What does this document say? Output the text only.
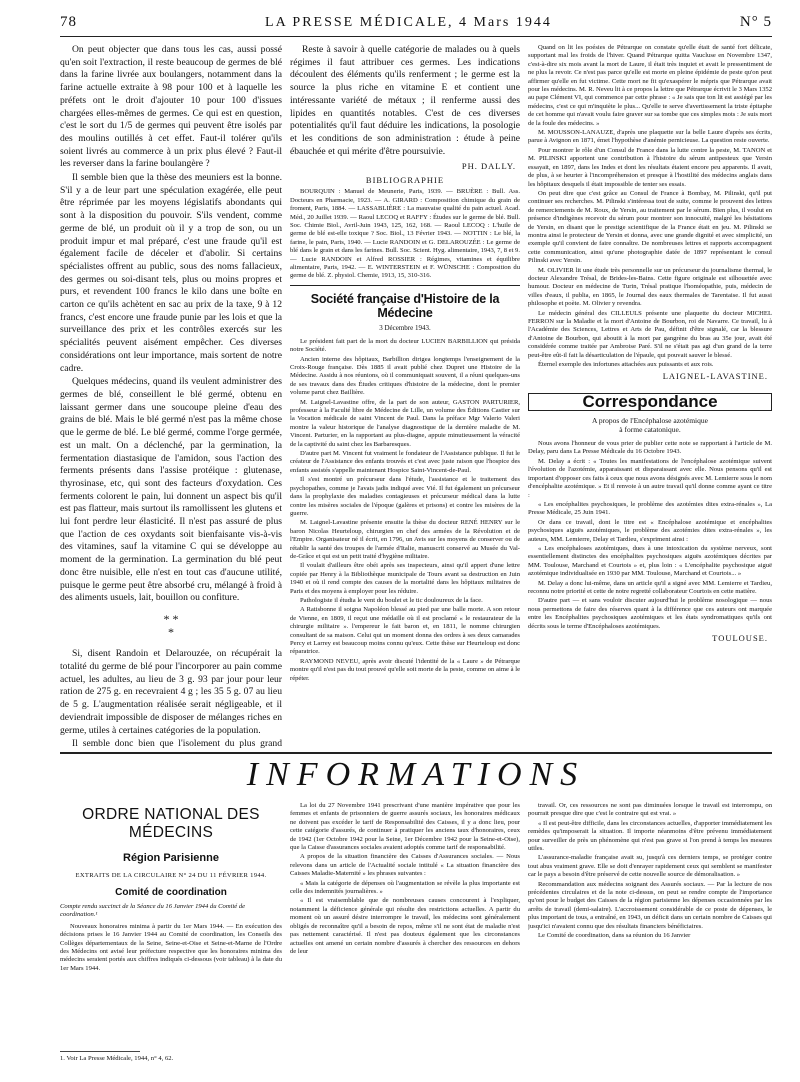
78	LA PRESSE MÉDICALE, 4 Mars 1944	N° 5

On peut objecter que dans tous les cas, aussi possé qu'en soit l'extraction, il reste beaucoup de germes de blé dans la farine livrée aux boulangers, notamment dans la farine actuelle extraite à 98 pour 100 et à laquelle les préfets ont le droit d'ajouter 10 pour 100 d'issues chargées elles-mêmes de germes. Ce qui est en question, c'est le sort du 1/5 de germes qui peuvent être isolés par des moulins outillés à cet effet. Faut-il tolérer qu'ils soient livrés au commerce à un prix plus élevé ? Faut-il les reverser dans la farine boulangère ?

Il semble bien que la thèse des meuniers est la bonne. S'il y a de leur part une spéculation exagérée, elle peut être réprimée par les moyens législatifs abondants qui sont à la disposition du pouvoir. S'ils vendent, comme germe de blé, un produit où il y a trop de son, ou un produit impur et mal préparé, c'est une fraude qu'il est également facile de déceler et d'abolir. Si certains spécialistes offrent au public, sous des noms fallacieux, des germes ou soi-disant tels, plus ou moins propres et purs, et revendent 100 francs le kilo dans une boîte en carton ce qu'ils achètent en sac au prix de la taxe, 9 à 12 francs, c'est encore une fraude punie par les lois et que la surveillance des prix et les contrôles exercés sur les spécialités peuvent aisément empêcher. Ces diverses considérations ont leur importance, mais sortent de notre cadre.

Quelques médecins, quand ils veulent administrer des germes de blé, conseillent le blé germé, obtenu en laissant germer dans une soucoupe pleine d'eau des grains de blé. Mais le blé germé n'est pas la même chose que le germe de blé. Le blé germé, comme l'orge germée, est un malt. On a déclenché, par la germination, la fermentation diastasique de l'amidon, sous l'action des ferments présents dans l'assise protéique : glutenase, thyrosinase, etc, qui sont des facteurs d'oxydation. Ces ferments colorent le pain, lui donnent un aspect bis qu'il est pas flatteur, mais surtout ils ramollissent les glutens et lui font perdre leur élasticité. Il n'est pas assuré de plus que l'action de ces oxydants soit bienfaisante vis-à-vis des vitamines, sauf la vitamine C qui se développe au moment de la germination. La germination du blé peut donc être nuisible, elle n'est en tout cas d'aucune utilité, puisque le germe peut être absorbé cru, mélangé à froid à des aliments usuels, lait, bouillon ou confiture.

* *
*

Si, disent Randoin et Delarouzée, on récupérait la totalité du germe de blé pour l'incorporer au pain comme actuel, les adultes, au lieu de 3 g. 93 par jour pour leur ration de 275 g. en recevraient 4 g ; les 35 5 g. 07 au lieu de 5 g. L'augmentation réalisée serait négligeable, et il deviendrait impossible de disposer de mélanges riches en germe, utiles à certaines catégories de la population.

Il semble donc bien que l'isolement du plus grand

Reste à savoir à quelle catégorie de malades ou à quels régimes il faut attribuer ces germes. Les indications découlent des éléments qu'ils renferment ; le germe est la source la plus riche en vitamine E et contient une intéressante variété de métaux ; il renferme aussi des lipides en quantités notables. C'est de ces diverses potentialités qu'il faut déduire les indications, la posologie et les conditions de son administration : étude à peine ébauchée et qui mérite d'être poursuivie.

PH. DALLY.
BIBLIOGRAPHIE

BOURQUIN : Manuel de Meunerie, Paris, 1939. — BRUÈRE : Bull. Ass. Docteurs en Pharmacie, 1923. — A. GIRARD : Composition chimique du grain de froment, Paris, 1884. — LASSABLIÈRE : La mauvaise qualité du pain actuel. Acad. Méd., 20 Juillet 1939. — Raoul LECOQ et RAFFY : Études sur le germe de blé. Bull. Soc. Chimie Biol., Avril-Juin 1943, 125, 162, 168. — Raoul LECOQ : L'huile de germe de blé est-elle toxique ? Soc. Biol., 13 Février 1943. — NOTTIN : Le blé, la farine, le pain, Paris, 1940. — Lucie RANDOIN et G. DELAROUZÉE : Le germe de blé dans le grain et dans les farines. Bull. Soc. Scient. Hyg. alimentaire, 1943, 7, 8 et 9. — Lucie RANDOIN et Alfred ROSSIER : Régimes, vitamines et équilibre alimentaire, Paris, 1942. — E. WINTERSTEIN et F. WÜNSCHE : Composition du germe de blé. Z. physiol. Chemie, 1913, 15, 310-316.

Société française d'Histoire de la Médecine
3 Décembre 1943.

Le président fait part de la mort du docteur LUCIEN BARBILLION qui présida notre Société.

Ancien interne des hôpitaux, Barbillion dirigea longtemps l'enseignement de la Croix-Rouge française. Dès 1885 il avait publié chez Dupret une Histoire de la Médecine. Assidu à nos réunions, où il communiquait souvent, il a réuni quelques-uns de ses travaux dans des Études critiques d'histoire de la médecine, dont le premier volume parut chez Baillière.

M. Laignel-Lavastine offre, de la part de son auteur, GASTON PARTURIER, professeur à la Faculté libre de Médecine de Lille, un volume des Éditions Castier sur la Vocation médicale de saint Vincent de Paul. Dans la préface Mgr Valerio Valeri montre la valeur historique de l'analyse diagnostique de la dernière maladie de M. Vincent. Parturier, en la rapportant au plus-diagne, appuie minutieusement la véracité de la captivité du saint chez les Barbaresques.

D'autre part M. Vincent fut vraiment le fondateur de l'Assistance publique. Il fut le créateur de l'Assistance des enfants trouvés et c'est avec juste raison que l'hospice des enfants assistés s'appelle maintenant Hospice Saint-Vincent-de-Paul.

Il s'est montré un précurseur dans l'étude, l'assistance et le traitement des psychopathes, comme je l'avais jadis indiqué avec Vié. Il fut également un précurseur dans la prophylaxie des maladies contagieuses et précurseur médical dans la lutte contre les misères sociales de l'époque (galères et prisons) et contre les misères de la guerre.

M. Laignel-Lavastine présente ensuite la thèse du docteur RENÉ HENRY sur le baron Nicolas Heurteloup, chirurgien en chef des armées de la Révolution et de l'Empire. Organisateur né il écrit, en 1796, un Avis sur les moyens de conserver ou de rétablir la santé des troupes de l'armée d'Italie, manuscrit conservé au Musée du Val-de-Grâce et qui est un petit traité d'hygiène militaire.

Il voulait d'ailleurs être obéi après ses inspecteurs, ainsi qu'il appert d'une lettre copiée par Henry à la Bibliothèque municipale de Tours avant sa destruction en Juin 1940 et où il rend compte des causes de la mortalité dans les hôpitaux militaires de Paris et des moyens à employer pour les réduire.

Pathologiste il étudia le vent du boulet et le tic douloureux de la face.

A Ratisbonne il soigna Napoléon blessé au pied par une balle morte. A son retour de Vienne, en 1809, il reçut une médaille où il est proclamé « le restaurateur de la chirurgie militaire ». l'empereur le fait baron et, en 1811, le nomme chirurgien consultant de sa maison. Celui qui un moment donna des ordres à ses deux camarades Percy et Larrey est beaucoup moins connu qu'eux. Cette thèse sur Heurteloup est donc réparatrice.

RAYMOND NEVEU, après avoir discuté l'identité de la « Laure » de Pétrarque montre qu'il n'est pas du tout prouvé qu'elle soit morte de la peste, comme on aime à le répéter.

Quand on lit les poésies de Pétrarque on constate qu'elle était de santé fort délicate, supportant mal les froids de l'hiver. Quand Pétrarque quitta Vaucluse en Novembre 1347, c'est-à-dire six mois avant la mort de Laure, il était très inquiet et avait le pressentiment de ne plus la revoir. Ce n'est pas parce qu'elle est morte en pleine épidémie de peste qu'on peut affirmer qu'elle en fut victime. Cette mort ne fit qu'exaspérer le mépris que Pétrarque avait pour les médecins. M. R. Neveu lit à ce propos la lettre que Pétrarque écrivit le 3 Mars 1352 au pape Clément VI, qui commence par cette phrase : « Je sais que ton lit est assiégé par les médecins, c'est ce qui m'inquiète le plus... Qu'elle te serve d'avertissement la triste épitaphe de cet homme qui n'avait voulu faire graver sur sa tombe que ces simples mots : Je suis mort de la foule des médecins. »

M. MOUSSON-LANAUZE, d'après une plaquette sur la belle Laure d'après ses écrits, parue à Avignon en 1871, émet l'hypothèse d'anémie pernicieuse. La question reste ouverte.

Pour montrer le rôle d'un Consul de France dans la lutte contre la peste, M. TANON et M. PILINSKI apportent une contribution à l'histoire du sérum antipesteux que Yersin essayait, en 1897, dans les Indes et dont les résultats étaient encore peu apparents. Il avait, de plus, à se heurter à l'incompréhension et presque à l'hostilité des médecins anglais dans les hôpitaux desquels il était impossible de tenter ses essais.

On peut dire que c'est grâce au Consul de France à Bombay, M. Pilinski, qu'il put continuer ses recherches. M. Pilinski s'intéressa tout de suite, comme le prouvent des lettres de remerciements de M. Roux, de Yersin, au traitement par le sérum. Bien plus, il voulut en présence d'indigènes recevoir du sérum pour montrer son innocuité, malgré les hésitations de Yersin, en disant que le prestige scientifique de la France était en jeu. M. Pilinski se montra ainsi le protecteur de Yersin et donna, avec une grande dignité et avec simplicité, un exemple qu'il convient de faire connaître. De nombreuses lettres et rapports accompagnent cette communication, ainsi qu'une photographie datée de 1897 représentant le consul Pilinski avec Yersin.

M. OLIVIER lit une étude très personnelle sur un précurseur du journalisme thermal, le docteur Alexandre Trésal, de Brides-les-Bains. Cette figure originale est silhouettée avec humour. Docteur en médecine de Turin, Trésal pratique l'homéopathie, puis, médecin de villes d'eaux, il publia, en 1865, le Journal des eaux thermales de Tarentaise. Il fut aussi philosophe et poète. M. Olivier y revendra.

Le médecin général des CILLEULS présente une plaquette du docteur MICHEL FERRON sur la Maladie et la mort d'Antoine de Bourbon, roi de Navarre. Ce travail, lu à l'Académie des Sciences, Lettres et Arts de Pau, définit d'être signalé, car la blessure d'Antoine de Bourbon, qui aboutit à la mort par gangrène du bras au 35e jour, avait été considérée comme traitée par Ambroise Paré. S'il ne s'était pas agi d'un grand de la terre peut-être eût-il fait la désarticulation de l'épaule, qui pouvait sauver le blessé.

Éternel exemple des infortunes attachées aux puissants et aux rois.

LAIGNEL-LAVASTINE.
Correspondance
A propos de l'Encéphalose azotémique
à forme catatonique.

Nous avons l'honneur de vous prier de publier cette note se rapportant à l'article de M. Delay, paru dans La Presse Médicale du 16 Octobre 1943.

M. Delay a écrit : « Toutes les manifestations de l'encéphalose azotémique suivent l'évolution de l'azotémie, apparaissant et disparaissant avec elle. Nous pensons qu'il est important d'opposer ces faits à ceux que nous avons désignés avec M. Lemierre sous le nom d'encéphalite azotémique. » Et il renvoie à un autre travail qu'il donne comme ayant ce titre :

« Les encéphalites psychosiques, le problème des azotémies dites extra-rénales », La Presse Médicale, 25 Juin 1941.

Or dans ce travail, dont le titre est « Encéphalose azotémique et encéphalites psychosiques aiguës azotémiques, le problème des azotémies dites extra-rénales », les auteurs, MM. Lemierre, Delay et Tardieu, s'expriment ainsi :

« Les encéphaloses azotémiques, dues à une intoxication du système nerveux, sont essentiellement distinctes des encéphalites psychosiques aiguës azotémiques décrites par MM. Toulouse, Marchand et Courtois » et, plus loin : « L'encéphalite psychosique aiguë azotémique individualisée en 1930 par MM. Toulouse, Marchand et Courtois... »

M. Delay a donc lui-même, dans un article qu'il a signé avec MM. Lemierre et Tardieu, reconnu notre priorité et cette de notre regretté collaborateur Courtois en cette matière.

D'autre part — et sans vouloir discuter aujourd'hui le problème nosologique — nous nous permettons de faire des réserves quant à la différence que ces auteurs ont marquée entre les Encéphalites psychosiques azotémiques et les états syndromatiques qu'ils ont décrits sous le terme d'Encéphaloses azotémiques.

TOULOUSE.
INFORMATIONS
ORDRE NATIONAL DES MÉDECINS
Région Parisienne
EXTRAITS DE LA CIRCULAIRE N° 24 DU 11 FÉVRIER 1944.
Comité de coordination
Compte rendu succinct de la Séance du 16 Janvier 1944 du Comité de coordination.¹

Nouveaux honoraires minima à partir du 1er Mars 1944. — En exécution des décisions prises le 16 Janvier 1944 au Comité de coordination, les Conseils des Collèges départementaux de la Seine, Seine-et-Oise et Seine-et-Marne de l'Ordre des Médecins ont avisé leur préfecture respective que les honoraires minima des médecins seraient portés aux chiffres indiqués ci-dessous (voir tableau) à la date du 1er Mars 1944.

1. Voir La Presse Médicale, 1944, n° 4, 62.

La loi du 27 Novembre 1941 prescrivant d'une manière impérative que pour les femmes et enfants de prisonniers de guerre assurés sociaux, les honoraires médicaux ne doivent pas excéder le tarif de Responsabilité des Caisses, il y a donc lieu, pour cette catégorie d'assurés, de continuer à pratiquer les anciens taux d'honoraires, ceux de 1942 (1er Octobre 1942 pour la Seine, 1er Décembre 1942 pour la Seine-et-Oise), que la Caisse d'assurances sociales avaient adoptés comme tarif de responsabilité.

A propos de la situation financière des Caisses d'Assurances sociales. — Nous relevons dans un article de l'Actualité sociale intitulé « La situation financière des Caisses Maladie-Maternité » les phrases suivantes :

« Mais la catégorie de dépenses où l'augmentation se révèle la plus importante est celle des indemnités journalières. »

« Il est vraisemblable que de nombreuses causes concourent à l'expliquer, notamment la déficience générale qui résulte des restrictions actuelles. A partir du moment où un assuré désire interrompre le travail, les médecins sont généralement obligés de reconnaître qu'il a besoin de repos, même s'il ne sont état de maladie n'est pas nettement caractérisé. Il n'est pas douteux également que les circonstances actuelles ont amené un certain nombre d'assurés à chercher des ressources en dehors de leur

travail. Or, ces ressources ne sont pas diminuées lorsque le travail est interrompu, on pourrait presque dire que c'est le contraire qui est vrai. »

« Il est peut-être difficile, dans les circonstances actuelles, d'apporter immédiatement les remèdes qu'imposerait la situation. Il importe néanmoins d'être prévenu immédiatement pour surveiller de près un phénomène qui n'est pas grave si l'on prend à temps les mesures utiles.

L'assurance-maladie française avait su, jusqu'à ces derniers temps, se protéger contre tout abus vraiment grave. Elle se doit d'enrayer rapidement ceux qui semblent se manifester car le pays a besoin d'être préservé de cette nouvelle source de démoralisation. »

Recommandation aux médecins soignant des Assurés sociaux. — Par la lecture de nos précédentes circulaires et de la note ci-dessus, on peut se rendre compte de l'importance qu'ont pour le budget des Caisses de la région parisienne les dépenses occasionnées par les arrêts de travail (demi-salaire). L'accroissement considérable de ce poste de dépenses, le plus important de tous, a entraîné, en 1943, un déficit dans un certain nombre de Caisses qui jusqu'ici n'avaient connu que des résultats financiers bénéficiaires.

Le Comité de coordination, dans sa réunion du 16 Janvier
